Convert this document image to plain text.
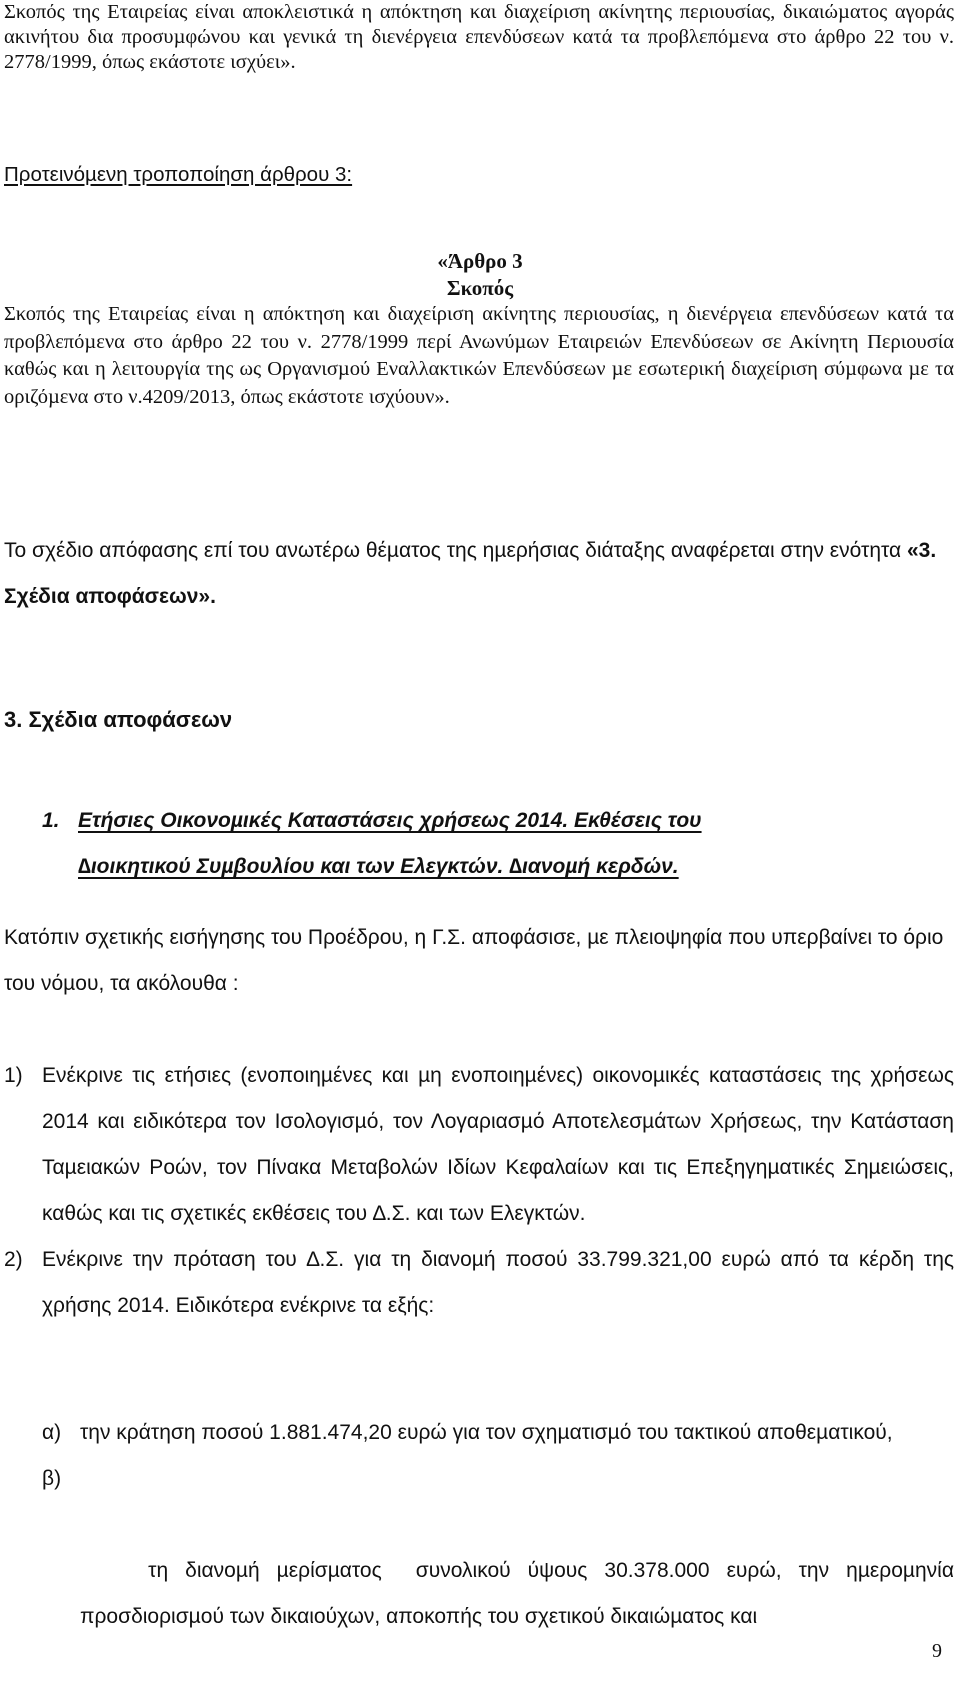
Σκοπός της Εταιρείας είναι αποκλειστικά η απόκτηση και διαχείριση ακίνητης περιουσίας, δικαιώµατος αγοράς ακινήτου δια προσυµφώνου και γενικά τη διενέργεια επενδύσεων κατά τα προβλεπόµενα στο άρθρο 22 του ν. 2778/1999, όπως εκάστοτε ισχύει».
Προτεινόµενη τροποποίηση άρθρου 3:
«Άρθρο 3
Σκοπός
Σκοπός της Εταιρείας είναι η απόκτηση και διαχείριση ακίνητης περιουσίας, η διενέργεια επενδύσεων κατά τα προβλεπόµενα στο άρθρο 22 του ν. 2778/1999 περί Ανωνύµων Εταιρειών Επενδύσεων σε Ακίνητη Περιουσία καθώς και η λειτουργία της ως Οργανισµού Εναλλακτικών Επενδύσεων µε εσωτερική διαχείριση σύµφωνα µε τα οριζόµενα στο ν.4209/2013, όπως εκάστοτε ισχύουν».
Το σχέδιο απόφασης επί του ανωτέρω θέµατος της ηµερήσιας διάταξης αναφέρεται στην ενότητα «3. Σχέδια αποφάσεων».
3. Σχέδια αποφάσεων
1. Ετήσιες Οικονοµικές Καταστάσεις χρήσεως 2014. Εκθέσεις του
∆ιοικητικού Συµβουλίου και των Ελεγκτών. ∆ιανοµή κερδών.
Κατόπιν σχετικής εισήγησης του Προέδρου, η Γ.Σ. αποφάσισε, µε πλειοψηφία που υπερβαίνει το όριο του νόµου, τα ακόλουθα :
1) Ενέκρινε τις ετήσιες (ενοποιηµένες και µη ενοποιηµένες) οικονοµικές καταστάσεις της χρήσεως 2014 και ειδικότερα τον Ισολογισµό, τον Λογαριασµό Αποτελεσµάτων Χρήσεως, την Κατάσταση Ταµειακών Ροών, τον Πίνακα Μεταβολών Ιδίων Κεφαλαίων και τις Επεξηγηµατικές Σηµειώσεις, καθώς και τις σχετικές εκθέσεις του ∆.Σ. και των Ελεγκτών.
2) Ενέκρινε την πρόταση του ∆.Σ. για τη διανοµή ποσού 33.799.321,00 ευρώ από τα κέρδη της χρήσης 2014. Ειδικότερα ενέκρινε τα εξής:
α) την κράτηση ποσού 1.881.474,20 ευρώ για τον σχηµατισµό του τακτικού αποθεµατικού,

β)

τη διανοµή µερίσµατος  συνολικού ύψους 30.378.000 ευρώ, την ηµεροµηνία προσδιορισµού των δικαιούχων, αποκοπής του σχετικού δικαιώµατος και

9
